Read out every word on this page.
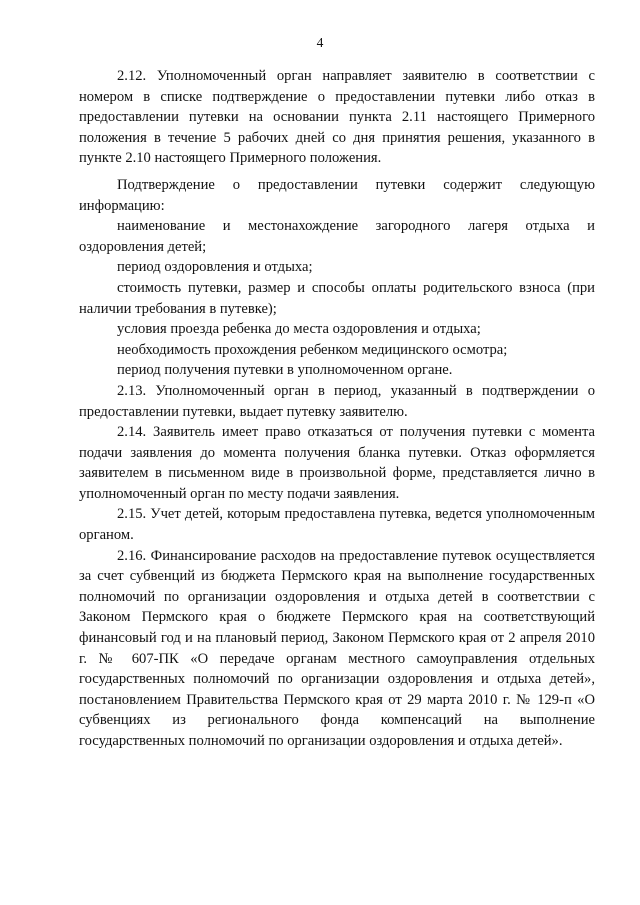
4

2.12. Уполномоченный орган направляет заявителю в соответствии с номером в списке подтверждение о предоставлении путевки либо отказ в предоставлении путевки на основании пункта 2.11 настоящего Примерного положения в течение 5 рабочих дней со дня принятия решения, указанного в пункте 2.10 настоящего Примерного положения.

Подтверждение о предоставлении путевки содержит следующую информацию:

наименование и местонахождение загородного лагеря отдыха и оздоровления детей;

период оздоровления и отдыха;

стоимость путевки, размер и способы оплаты родительского взноса (при наличии требования в путевке);

условия проезда ребенка до места оздоровления и отдыха;

необходимость прохождения ребенком медицинского осмотра;

период получения путевки в уполномоченном органе.

2.13. Уполномоченный орган в период, указанный в подтверждении о предоставлении путевки, выдает путевку заявителю.

2.14. Заявитель имеет право отказаться от получения путевки с момента подачи заявления до момента получения бланка путевки. Отказ оформляется заявителем в письменном виде в произвольной форме, представляется лично в уполномоченный орган по месту подачи заявления.

2.15. Учет детей, которым предоставлена путевка, ведется уполномоченным органом.

2.16. Финансирование расходов на предоставление путевок осуществляется за счет субвенций из бюджета Пермского края на выполнение государственных полномочий по организации оздоровления и отдыха детей в соответствии с Законом Пермского края о бюджете Пермского края на соответствующий финансовый год и на плановый период, Законом Пермского края от 2 апреля 2010 г. № 607-ПК «О передаче органам местного самоуправления отдельных государственных полномочий по организации оздоровления и отдыха детей», постановлением Правительства Пермского края от 29 марта 2010 г. № 129-п «О субвенциях из регионального фонда компенсаций на выполнение государственных полномочий по организации оздоровления и отдыха детей».
